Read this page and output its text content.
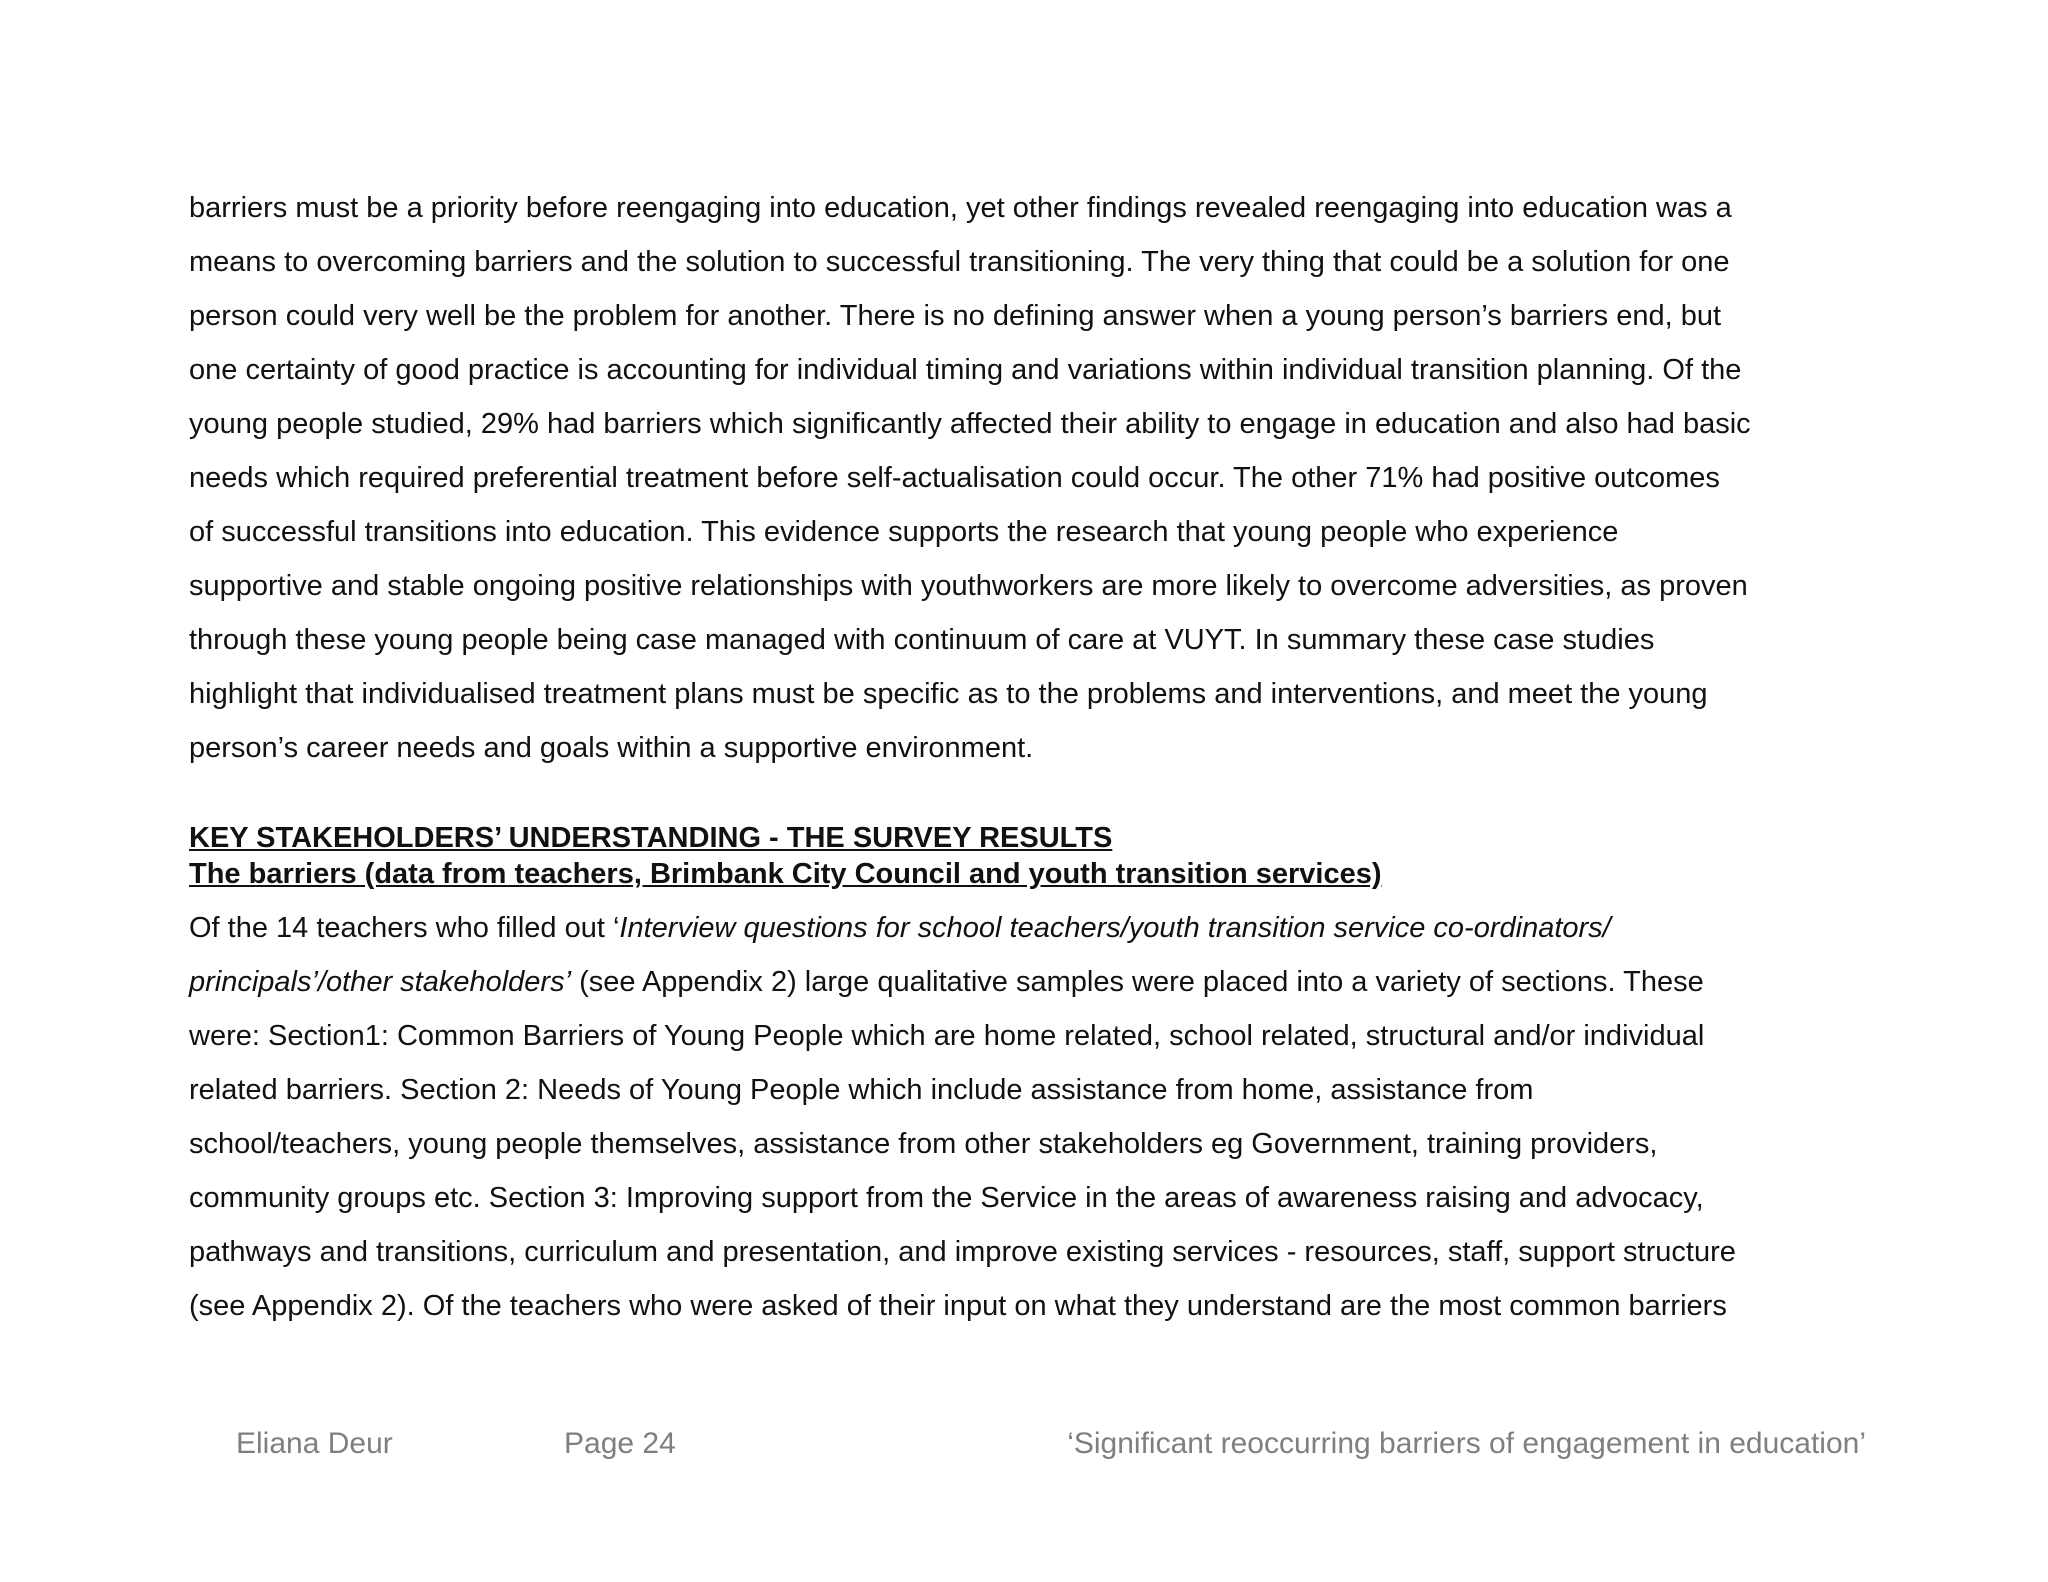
barriers must be a priority before reengaging into education, yet other findings revealed reengaging into education was a
means to overcoming barriers and the solution to successful transitioning. The very thing that could be a solution for one
person could very well be the problem for another. There is no defining answer when a young person’s barriers end, but
one certainty of good practice is accounting for individual timing and variations within individual transition planning. Of the
young people studied, 29% had barriers which significantly affected their ability to engage in education and also had basic
needs which required preferential treatment before self-actualisation could occur. The other 71% had positive outcomes
of successful transitions into education. This evidence supports the research that young people who experience
supportive and stable ongoing positive relationships with youthworkers are more likely to overcome adversities, as proven
through these young people being case managed with continuum of care at VUYT. In summary these case studies
highlight that individualised treatment plans must be specific as to the problems and interventions, and meet the young
person’s career needs and goals within a supportive environment.
KEY STAKEHOLDERS’ UNDERSTANDING - THE SURVEY RESULTS
The barriers (data from teachers, Brimbank City Council and youth transition services)
Of the 14 teachers who filled out ‘Interview questions for school teachers/youth transition service co-ordinators/
principals’/other stakeholders’ (see Appendix 2) large qualitative samples were placed into a variety of sections. These
were: Section1: Common Barriers of Young People which are home related, school related, structural and/or individual
related barriers. Section 2: Needs of Young People which include assistance from home, assistance from
school/teachers, young people themselves, assistance from other stakeholders eg Government, training providers,
community groups etc. Section 3: Improving support from the Service in the areas of awareness raising and advocacy,
pathways and transitions, curriculum and presentation, and improve existing services - resources, staff, support structure
(see Appendix 2). Of the teachers who were asked of their input on what they understand are the most common barriers
Eliana Deur	Page 24	‘Significant reoccurring barriers of engagement in education’
